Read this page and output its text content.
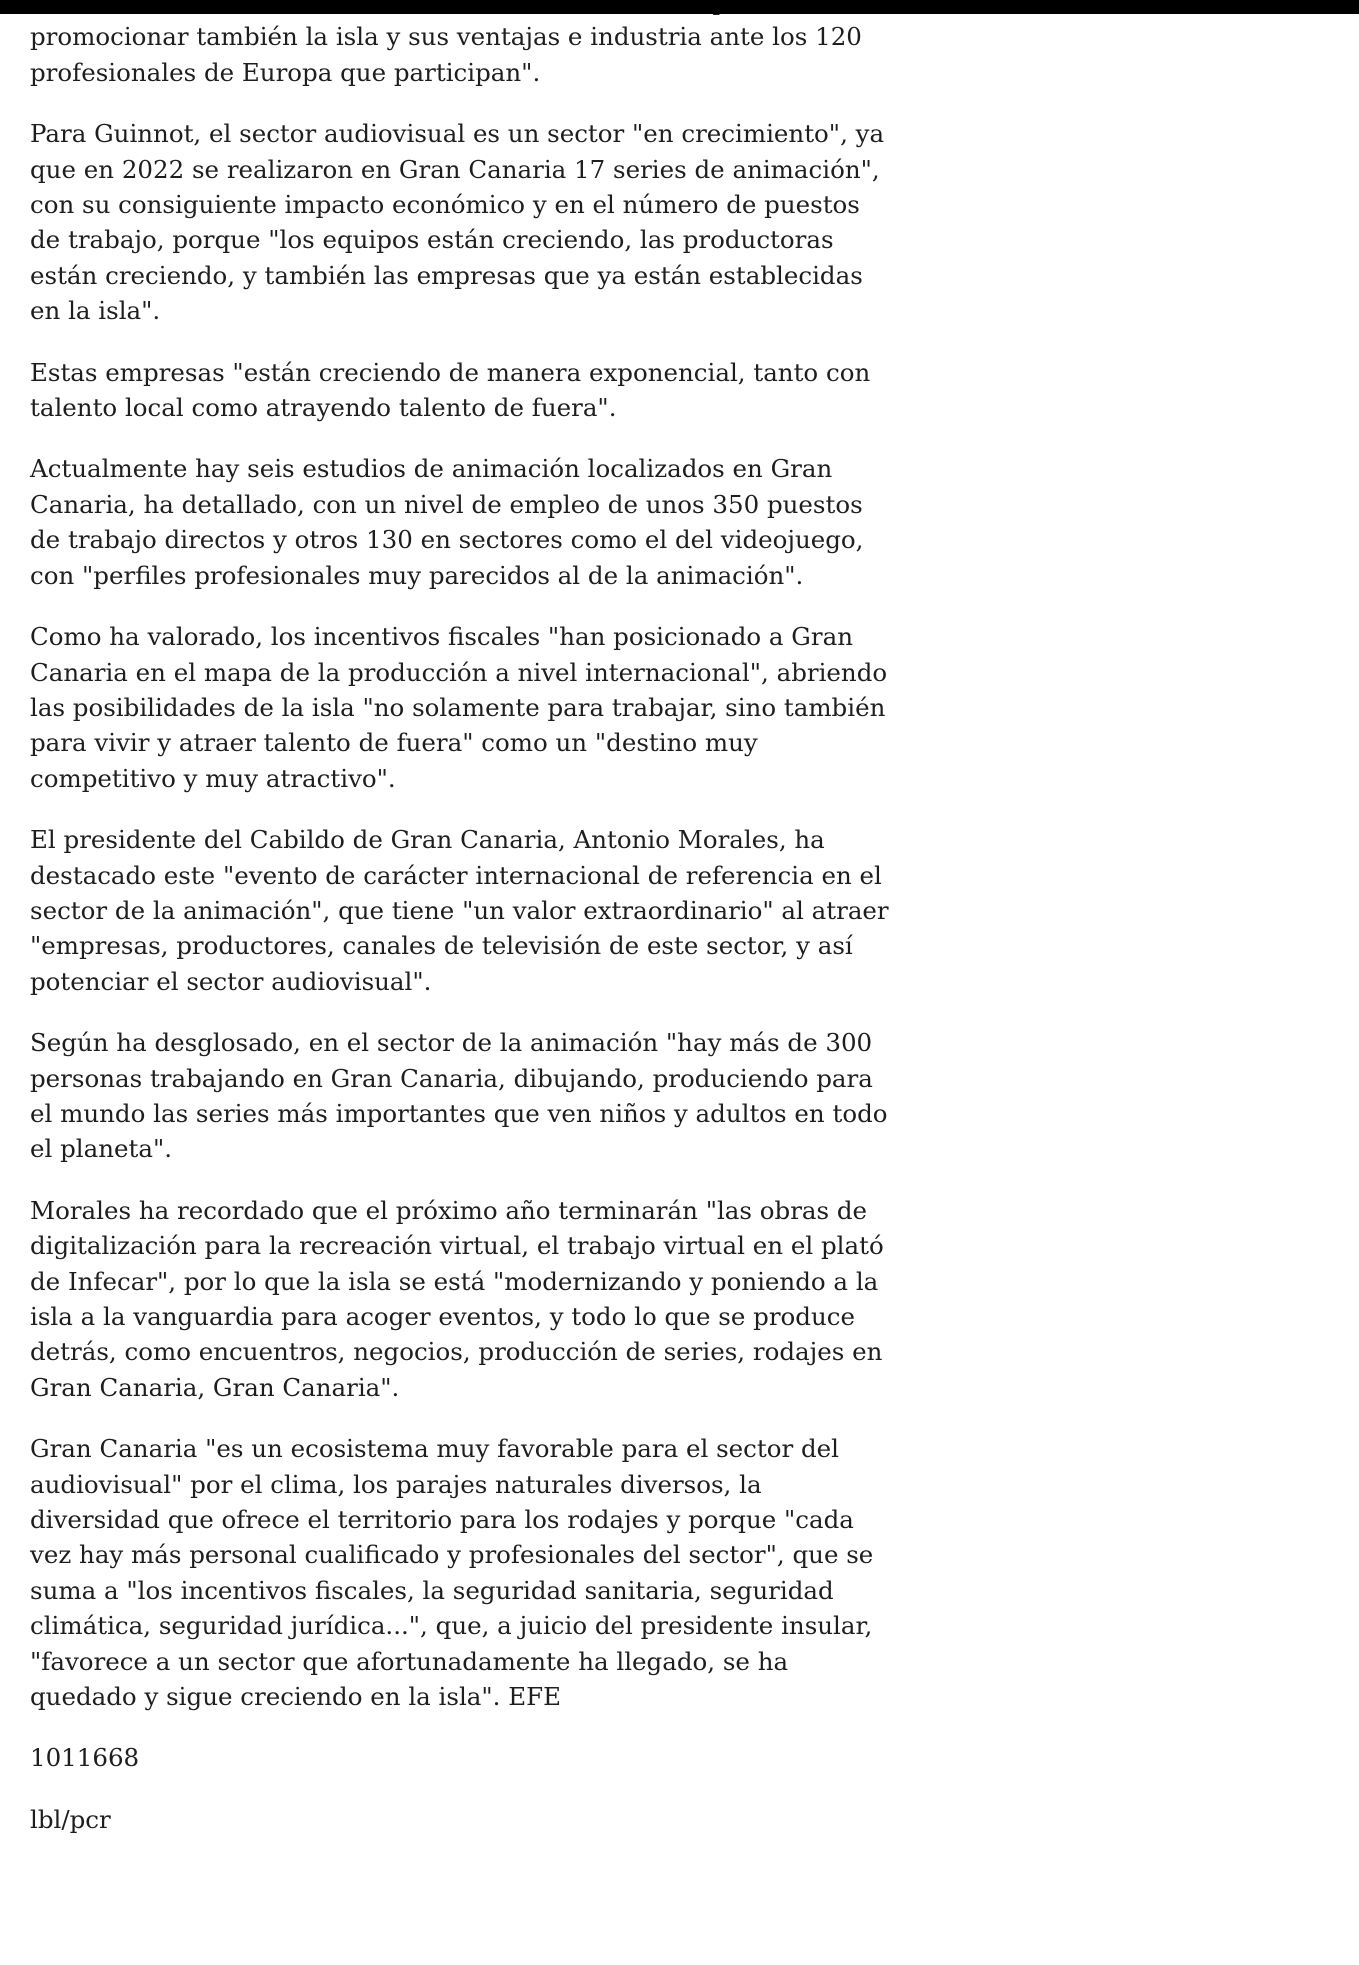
promocionar también la isla y sus ventajas e industria ante los 120 profesionales de Europa que participan".

Para Guinnot, el sector audiovisual es un sector "en crecimiento", ya que en 2022 se realizaron en Gran Canaria 17 series de animación", con su consiguiente impacto económico y en el número de puestos de trabajo, porque "los equipos están creciendo, las productoras están creciendo, y también las empresas que ya están establecidas en la isla".

Estas empresas "están creciendo de manera exponencial, tanto con talento local como atrayendo talento de fuera".

Actualmente hay seis estudios de animación localizados en Gran Canaria, ha detallado, con un nivel de empleo de unos 350 puestos de trabajo directos y otros 130 en sectores como el del videojuego, con "perfiles profesionales muy parecidos al de la animación".

Como ha valorado, los incentivos fiscales "han posicionado a Gran Canaria en el mapa de la producción a nivel internacional", abriendo las posibilidades de la isla "no solamente para trabajar, sino también para vivir y atraer talento de fuera" como un "destino muy competitivo y muy atractivo".

El presidente del Cabildo de Gran Canaria, Antonio Morales, ha destacado este "evento de carácter internacional de referencia en el sector de la animación", que tiene "un valor extraordinario" al atraer "empresas, productores, canales de televisión de este sector, y así potenciar el sector audiovisual".

Según ha desglosado, en el sector de la animación "hay más de 300 personas trabajando en Gran Canaria, dibujando, produciendo para el mundo las series más importantes que ven niños y adultos en todo el planeta".

Morales ha recordado que el próximo año terminarán "las obras de digitalización para la recreación virtual, el trabajo virtual en el plató de Infecar", por lo que la isla se está "modernizando y poniendo a la isla a la vanguardia para acoger eventos, y todo lo que se produce detrás, como encuentros, negocios, producción de series, rodajes en Gran Canaria, Gran Canaria".

Gran Canaria "es un ecosistema muy favorable para el sector del audiovisual" por el clima, los parajes naturales diversos, la diversidad que ofrece el territorio para los rodajes y porque "cada vez hay más personal cualificado y profesionales del sector", que se suma a "los incentivos fiscales, la seguridad sanitaria, seguridad climática, seguridad jurídica...", que, a juicio del presidente insular, "favorece a un sector que afortunadamente ha llegado, se ha quedado y sigue creciendo en la isla". EFE

1011668

lbl/pcr
